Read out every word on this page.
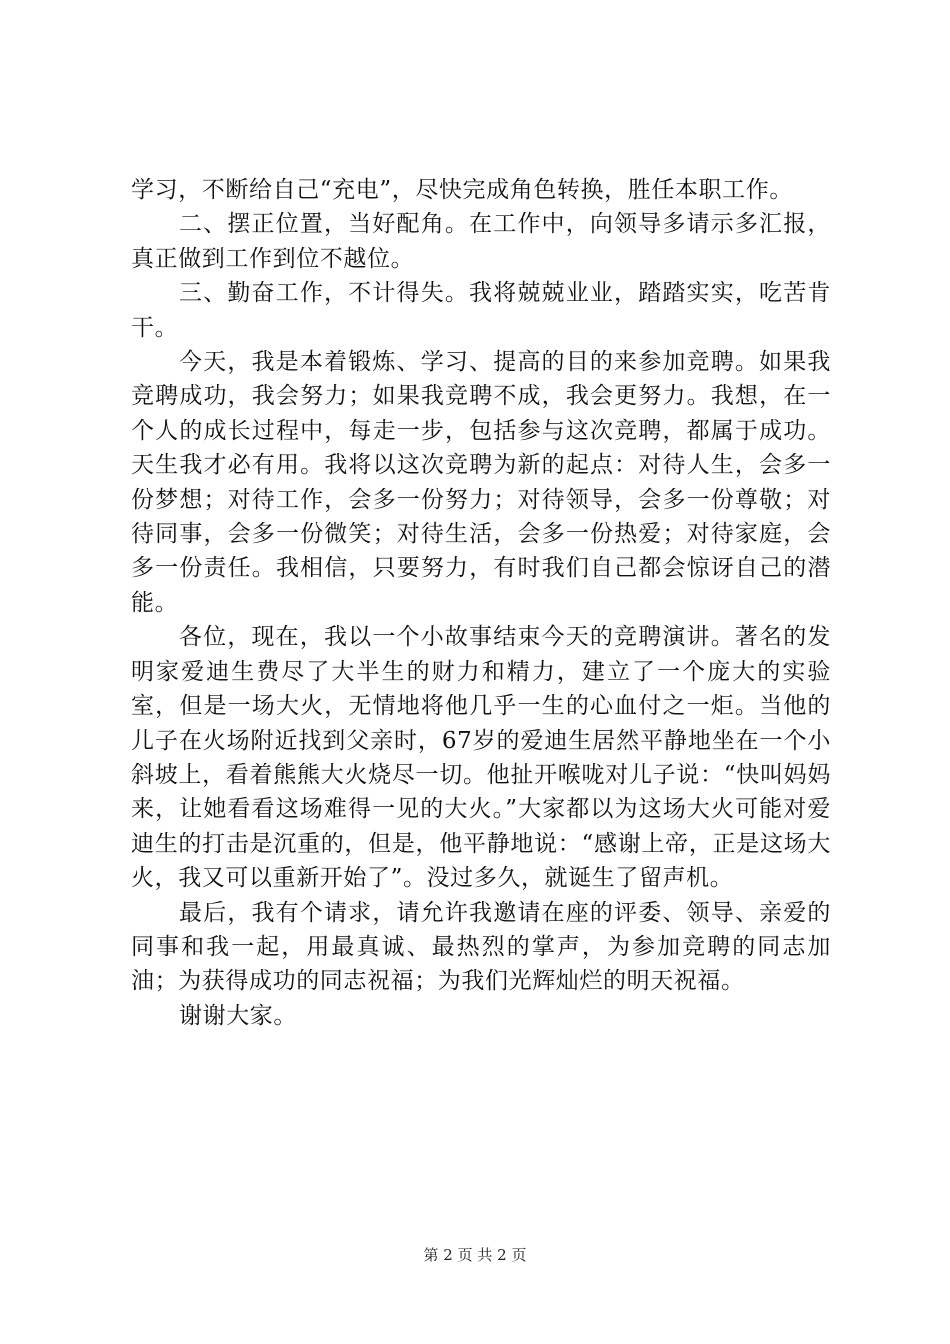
学习，不断给自己“充电”，尽快完成角色转换，胜任本职工作。

二、摆正位置，当好配角。在工作中，向领导多请示多汇报，真正做到工作到位不越位。

三、勤奋工作，不计得失。我将兢兢业业，踏踏实实，吃苦肯干。

今天，我是本着锻炼、学习、提高的目的来参加竞聘。如果我竞聘成功，我会努力；如果我竞聘不成，我会更努力。我想，在一个人的成长过程中，每走一步，包括参与这次竞聘，都属于成功。天生我才必有用。我将以这次竞聘为新的起点：对待人生，会多一份梦想；对待工作，会多一份努力；对待领导，会多一份尊敬；对待同事，会多一份微笑；对待生活，会多一份热爱；对待家庭，会多一份责任。我相信，只要努力，有时我们自己都会惊讶自己的潜能。

各位，现在，我以一个小故事结束今天的竞聘演讲。著名的发明家爱迪生费尽了大半生的财力和精力，建立了一个庞大的实验室，但是一场大火，无情地将他几乎一生的心血付之一炬。当他的儿子在火场附近找到父亲时，67岁的爱迪生居然平静地坐在一个小斜坡上，看着熊熊大火烧尽一切。他扯开喉咙对儿子说：“快叫妈妈来，让她看看这场难得一见的大火。”大家都以为这场大火可能对爱迪生的打击是沉重的，但是，他平静地说：“感谢上帝，正是这场大火，我又可以重新开始了”。没过多久，就诞生了留声机。

最后，我有个请求，请允许我邀请在座的评委、领导、亲爱的同事和我一起，用最真诚、最热烈的掌声，为参加竞聘的同志加油；为获得成功的同志祝福；为我们光辉灿烂的明天祝福。

谢谢大家。

第 2 页 共 2 页
